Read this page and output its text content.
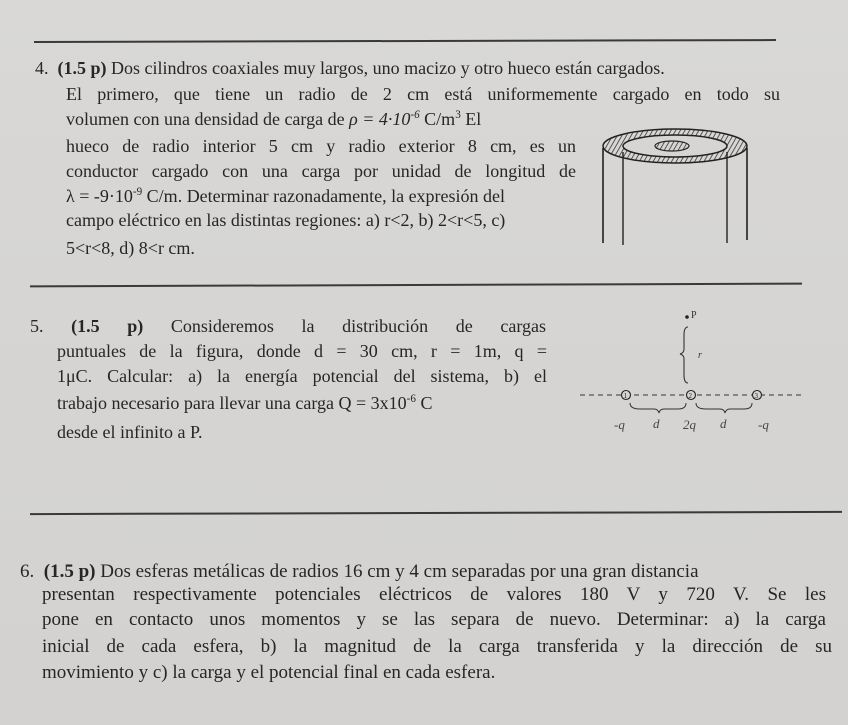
4. (1.5 p) Dos cilindros coaxiales muy largos, uno macizo y otro hueco están cargados.
El primero, que tiene un radio de 2 cm está uniformemente cargado en todo su
volumen con una densidad de carga de $\rho = 4\cdot 10^{-6}$ $C/m^3$ El
hueco de radio interior 5 cm y radio exterior 8 cm, es un
conductor cargado con una carga por unidad de longitud de
$\lambda = -9\cdot 10^{-9}$ C/m. Determinar razonadamente, la expresión del
campo eléctrico en las distintas regiones: a) r<2, b) 2<r<5, c)
5<r<8, d) 8<r cm.
5. (1.5 p) Consideremos la distribución de cargas
puntuales de la figura, donde d = 30 cm, r = 1m, q =
1μC. Calcular: a) la energía potencial del sistema, b) el
trabajo necesario para llevar una carga $Q = 3x10^{-6}$ C
desde el infinito a P.
P
r
1	2	3
d	d
-q	2q	-q
6. (1.5 p) Dos esferas metálicas de radios 16 cm y 4 cm separadas por una gran distancia
presentan respectivamente potenciales eléctricos de valores 180 V y 720 V. Se les
pone en contacto unos momentos y se las separa de nuevo. Determinar: a) la carga
inicial de cada esfera, b) la magnitud de la carga transferida y la dirección de su
movimiento y c) la carga y el potencial final en cada esfera.
